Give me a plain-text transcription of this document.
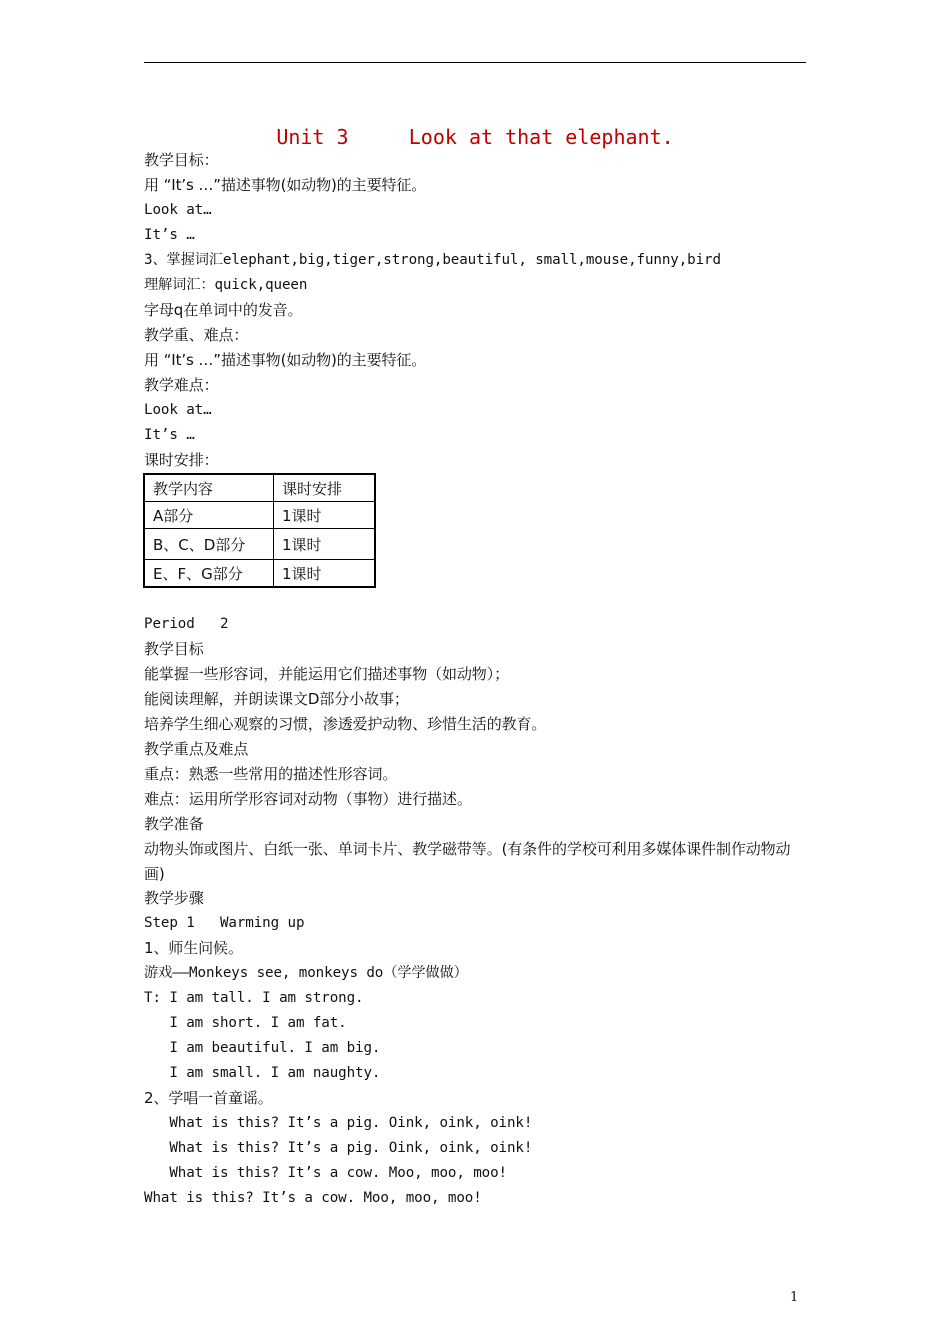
Unit 3     Look at that elephant.
教学目标：
用 “It’s …”描述事物(如动物)的主要特征。
Look at…
It’s …
3、掌握词汇elephant,big,tiger,strong,beautiful, small,mouse,funny,bird
理解词汇：quick,queen
字母q在单词中的发音。
教学重、难点：
用 “It’s …”描述事物(如动物)的主要特征。
教学难点：
Look at…
It’s …
课时安排：
教学内容	课时安排
A部分	1课时
B、C、D部分	1课时
E、F、G部分	1课时
Period   2
教学目标
能掌握一些形容词，并能运用它们描述事物（如动物）；
能阅读理解，并朗读课文D部分小故事；
培养学生细心观察的习惯，渗透爱护动物、珍惜生活的教育。
教学重点及难点
重点：熟悉一些常用的描述性形容词。
难点：运用所学形容词对动物（事物）进行描述。
教学准备
动物头饰或图片、白纸一张、单词卡片、教学磁带等。(有条件的学校可利用多媒体课件制作动物动画)
教学步骤
Step 1   Warming up
1、师生问候。
游戏——Monkeys see, monkeys do（学学做做）
T: I am tall. I am strong.
I am short. I am fat.
I am beautiful. I am big.
I am small. I am naughty.
2、学唱一首童谣。
What is this? It’s a pig. Oink, oink, oink!
What is this? It’s a pig. Oink, oink, oink!
What is this? It’s a cow. Moo, moo, moo!
What is this? It’s a cow. Moo, moo, moo!
1
